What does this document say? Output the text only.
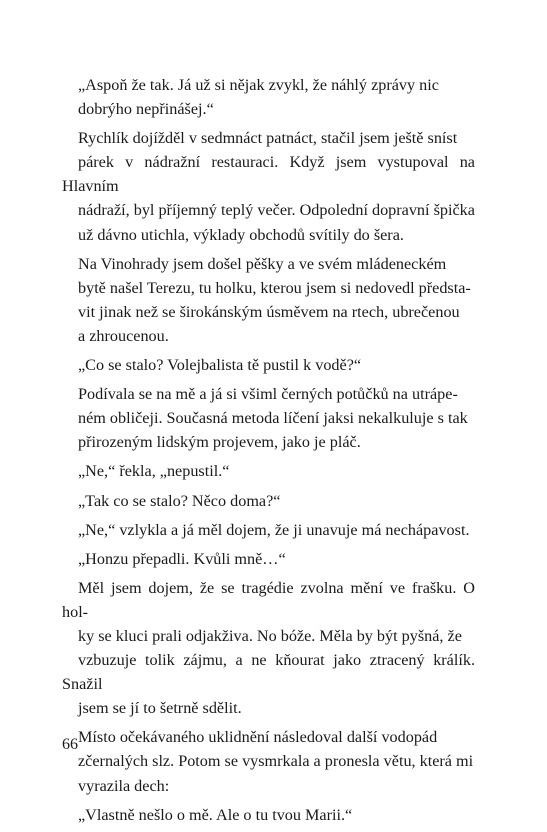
„Aspoň že tak. Já už si nějak zvykl, že náhlý zprávy nic
dobrýho nepřinášej.“

Rychlík dojížděl v sedmnáct patnáct, stačil jsem ještě sníst
párek v nádražní restauraci. Když jsem vystupoval na Hlavním
nádraží, byl příjemný teplý večer. Odpolední dopravní špička
už dávno utichla, výklady obchodů svítily do šera.

Na Vinohrady jsem došel pěšky a ve svém mládeneckém
bytě našel Terezu, tu holku, kterou jsem si nedovedl předsta-
vit jinak než se širokánským úsměvem na rtech, ubrečenou
a zhroucenou.

„Co se stalo? Volejbalista tě pustil k vodě?“

Podívala se na mě a já si všiml černých potůčků na utrápe-
ném obličeji. Současná metoda líčení jaksi nekalkuluje s tak
přirozeným lidským projevem, jako je pláč.

„Ne,“ řekla, „nepustil.“

„Tak co se stalo? Něco doma?“

„Ne,“ vzlykla a já měl dojem, že ji unavuje má nechápavost.

„Honzu přepadli. Kvůli mně…“

Měl jsem dojem, že se tragédie zvolna mění ve frašku. O hol-
ky se kluci prali odjakživa. No bóže. Měla by být pyšná, že
vzbuzuje tolik zájmu, a ne kňourat jako ztracený králík. Snažil
jsem se jí to šetrně sdělit.

Místo očekávaného uklidnění následoval další vodopád
zčernalých slz. Potom se vysmrkala a pronesla větu, která mi
vyrazila dech:

„Vlastně nešlo o mě. Ale o tu tvou Marii.“

66
